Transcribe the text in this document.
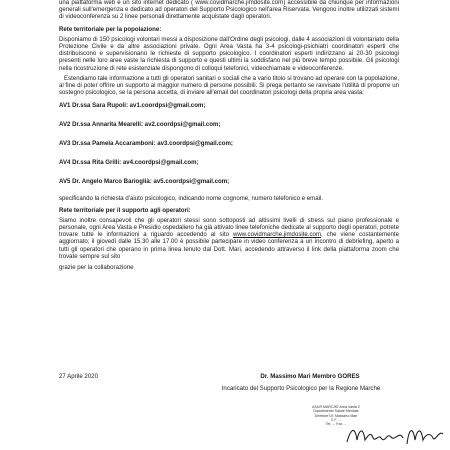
una piattaforma web e un sito internet dedicato ( www.covidmarche.jimdosite.com) accessibile da chiunque per informazioni generali sull'emergenza e dedicato ad operatori del Supporto Psicologico nell'area Riservata. Vengono inoltre utilizzati sistemi di videoconferenza su 2 linee personali direttamente acquistate dagli operatori.

Rete territoriale per la popolazione:

Disponiamo di 150 psicologi volontari messi a disposizione dall'Ordine degli psicologi, dalle 4 associazioni di volontariato della Protezione Civile e da altre associazioni private. Ogni Area Vasta ha 3-4 psicologi-psichiatri coordinatori esperti che distribuiscono e supervisionano le richieste di supporto psicologico. I coordinatori esperti indirizzano ai 20-30 psicologi presenti nelle loro aree vaste la richiesta di supporto e questi ultimi la soddisfano nel più breve tempo possibile. Gli psicologi nella ricostruzione di rete esistenziale dispongono di colloqui telefonici, videochiamate e videoconferenze.

Estendiamo tale informazione a tutti gli operatori sanitari o sociali che a vario titolo si trovano ad operare con la popolazione, al fine di poter offrire un supporto al maggior numero di persone possibili. Si prega pertanto se ravvisate l'utilità di proporre un sostegno psicologico, se la persona accetta, di inviare all'email del coordinatori psicologi della propria area vasta:

AV1 Dr.ssa Sara Rupoli: av1.coordpsi@gmail.com;
AV2 Dr.ssa Annarita Mearelli: av2.coordpsi@gmail.com;
AV3 Dr.ssa Pamela Accaramboni: av3.coordpsi@gmail.com;
AV4 Dr.ssa Rita Grilli: av4.coordpsi@gmail.com;
AV5 Dr. Angelo Marco Barioglià: av5.coordpsi@gmail.com;

specificando la richiesta d'aiuto psicologico, indicando nome cognome, numero telefonico e email.

Rete territoriale per il supporto agli operatori:

Siamo inoltre consapevoli che gli operatori stessi sono sottoposti ad altissimi livelli di stress sul piano professionale e personale, ogni Area Vasta e Presidio ospedaliero ha già attivato linee telefoniche dedicate al supporto degli operatori, potrete trovare tutte le informazioni a riguardo accedendo al sito www.covidmarche.jimdosite.com, che viene costantemente aggiornato; il giovedì dalle 15.30 alle 17.00 è possibile partecipare in video conferenza a un incontro di debriefing, aperto a tutti gli operatori che operano in prima linea tenuto dal Dott. Mari, accedendo attraverso il link della piattaforma zoom che trovate sempre sul sito

grazie per la collaborazione

27 Aprile 2020	Dr. Massimo Mari Membro GORES
Incaricato del Supporto Psicologico per la Regione Marche
ASUR MARCHE Area Vasta 2
Dipartimento Salute Mentale
Direttore Dr. Massimo Mari
C.F. ...
Tel. ... Fax ...
